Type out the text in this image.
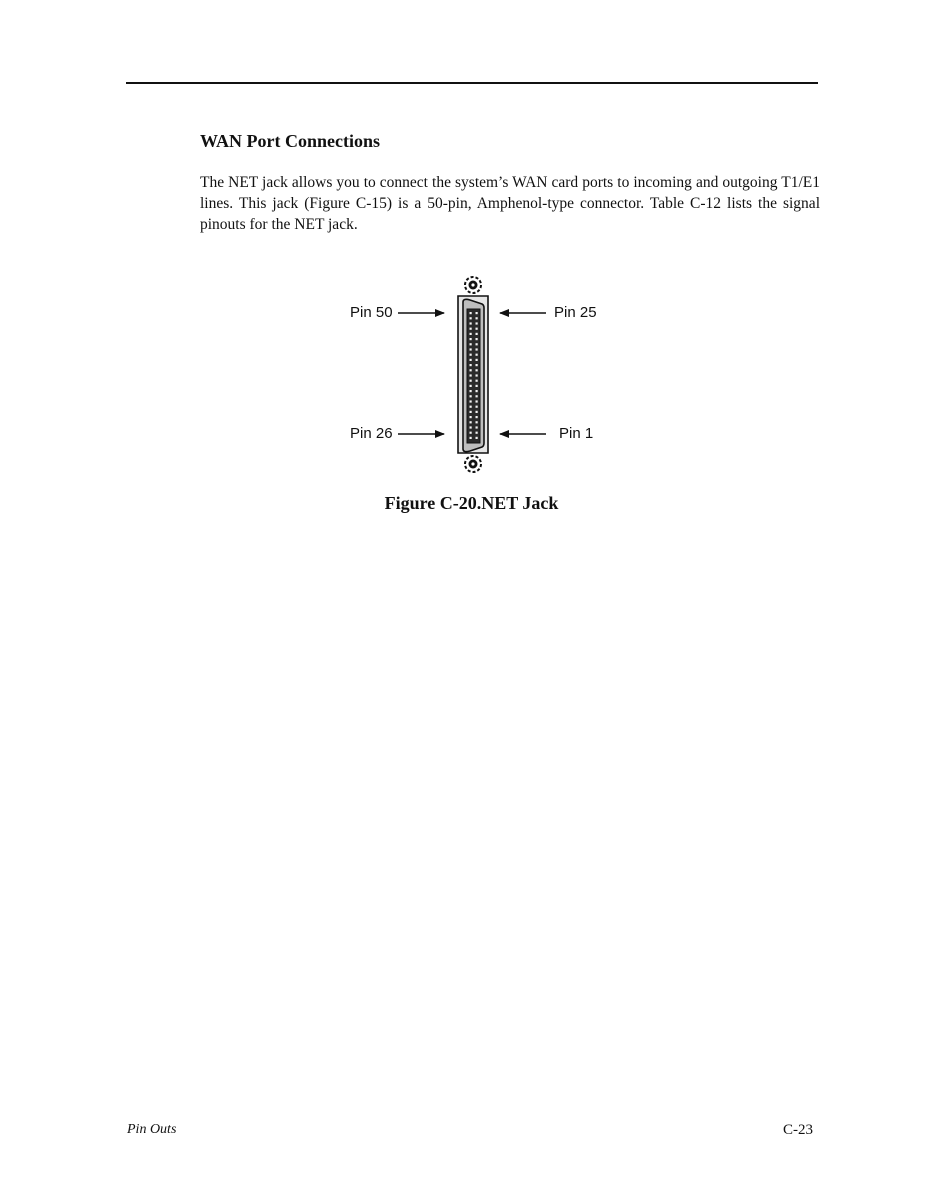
WAN Port Connections

The NET jack allows you to connect the system’s WAN card ports to incoming and outgoing T1/E1 lines. This jack (Figure C-15) is a 50-pin, Amphenol-type connector. Table C-12 lists the signal pinouts for the NET jack.

Pin 50	Pin 25
Pin 26	Pin 1
Figure C-20.NET Jack
Pin Outs	C-23
